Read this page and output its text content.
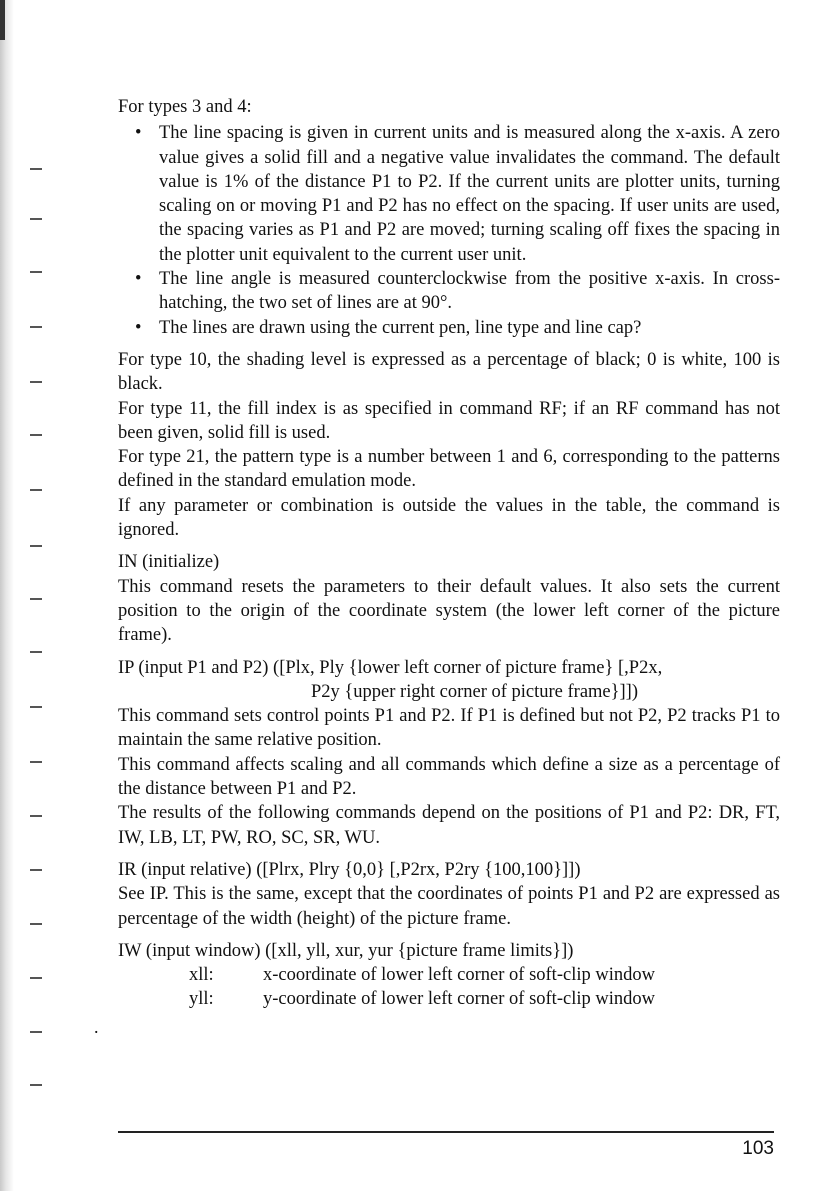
For types 3 and 4:

• The line spacing is given in current units and is measured along the x-axis. A zero value gives a solid fill and a negative value invalidates the command. The default value is 1% of the distance P1 to P2. If the current units are plotter units, turning scaling on or moving P1 and P2 has no effect on the spacing. If user units are used, the spacing varies as P1 and P2 are moved; turning scaling off fixes the spacing in the plotter unit equivalent to the current user unit.
• The line angle is measured counterclockwise from the positive x-axis. In cross-hatching, the two set of lines are at 90°.
• The lines are drawn using the current pen, line type and line cap?

For type 10, the shading level is expressed as a percentage of black; 0 is white, 100 is black.

For type 11, the fill index is as specified in command RF; if an RF command has not been given, solid fill is used.

For type 21, the pattern type is a number between 1 and 6, corresponding to the patterns defined in the standard emulation mode.

If any parameter or combination is outside the values in the table, the command is ignored.

IN (initialize)

This command resets the parameters to their default values. It also sets the current position to the origin of the coordinate system (the lower left corner of the picture frame).

IP (input P1 and P2) ([Plx, Ply {lower left corner of picture frame} [,P2x,

P2y {upper right corner of picture frame}]])

This command sets control points P1 and P2. If P1 is defined but not P2, P2 tracks P1 to maintain the same relative position.

This command affects scaling and all commands which define a size as a percentage of the distance between P1 and P2.

The results of the following commands depend on the positions of P1 and P2: DR, FT, IW, LB, LT, PW, RO, SC, SR, WU.

IR (input relative) ([Plrx, Plry {0,0} [,P2rx, P2ry {100,100}]])

See IP. This is the same, except that the coordinates of points P1 and P2 are expressed as percentage of the width (height) of the picture frame.

IW (input window) ([xll, yll, xur, yur {picture frame limits}])

xll:	x-coordinate of lower left corner of soft-clip window
yll:	y-coordinate of lower left corner of soft-clip window
.
103
